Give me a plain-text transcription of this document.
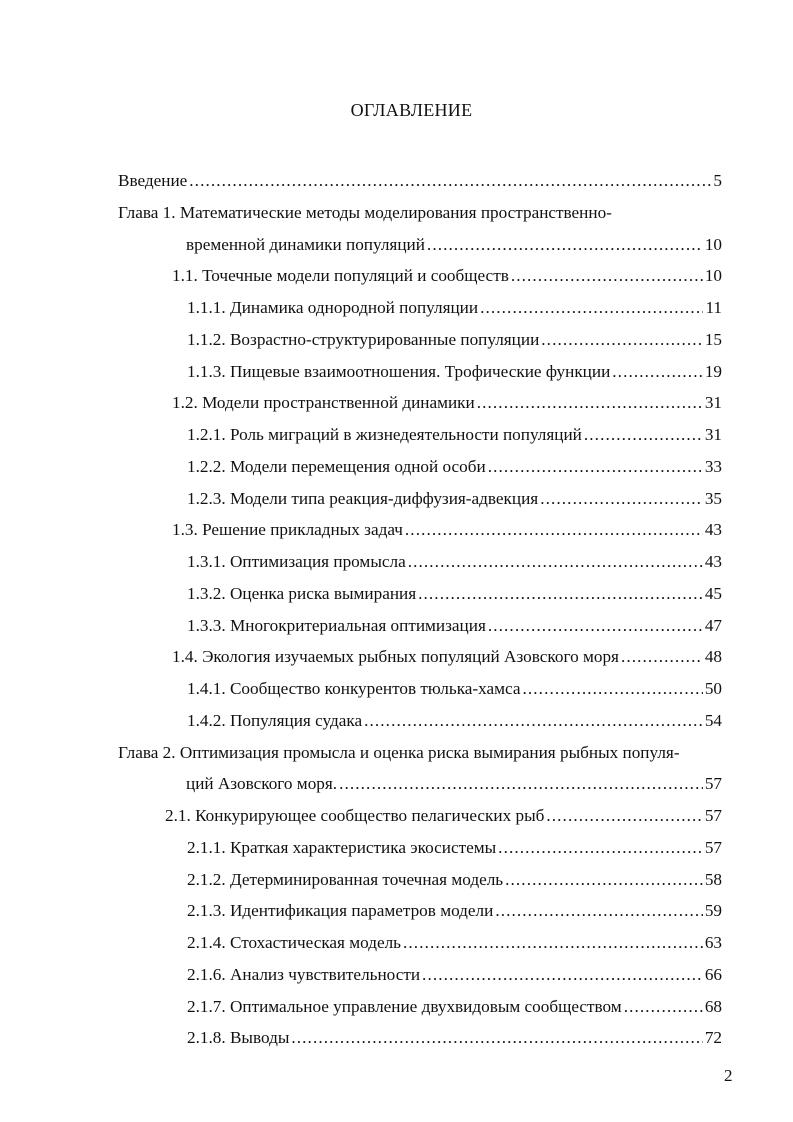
ОГЛАВЛЕНИЕ
Введение . . .	5
Глава 1. Математические методы моделирования пространственно-
временной динамики популяций . . .	10
1.1. Точечные модели популяций и сообществ . . .	10
1.1.1. Динамика однородной популяции . . .	11
1.1.2. Возрастно-структурированные популяции . . .	15
1.1.3. Пищевые взаимоотношения. Трофические функции . . .	19
1.2. Модели пространственной динамики . . .	31
1.2.1. Роль миграций в жизнедеятельности популяций . . .	31
1.2.2. Модели перемещения одной особи . . .	33
1.2.3. Модели типа реакция-диффузия-адвекция . . .	35
1.3. Решение прикладных задач . . .	43
1.3.1. Оптимизация промысла . . .	43
1.3.2. Оценка риска вымирания . . .	45
1.3.3. Многокритериальная оптимизация . . .	47
1.4. Экология изучаемых рыбных популяций Азовского моря . . .	48
1.4.1. Сообщество конкурентов тюлька-хамса . . .	50
1.4.2. Популяция судака . . .	54
Глава 2. Оптимизация промысла и оценка риска вымирания рыбных популя-
ций Азовского моря. . . .	57
2.1. Конкурирующее сообщество пелагических рыб . . .	57
2.1.1. Краткая характеристика экосистемы . . .	57
2.1.2. Детерминированная точечная модель . . .	58
2.1.3. Идентификация параметров модели . . .	59
2.1.4. Стохастическая модель . . .	63
2.1.6. Анализ чувствительности . . .	66
2.1.7. Оптимальное управление двухвидовым сообществом . . .	68
2.1.8. Выводы . . .	72
2
